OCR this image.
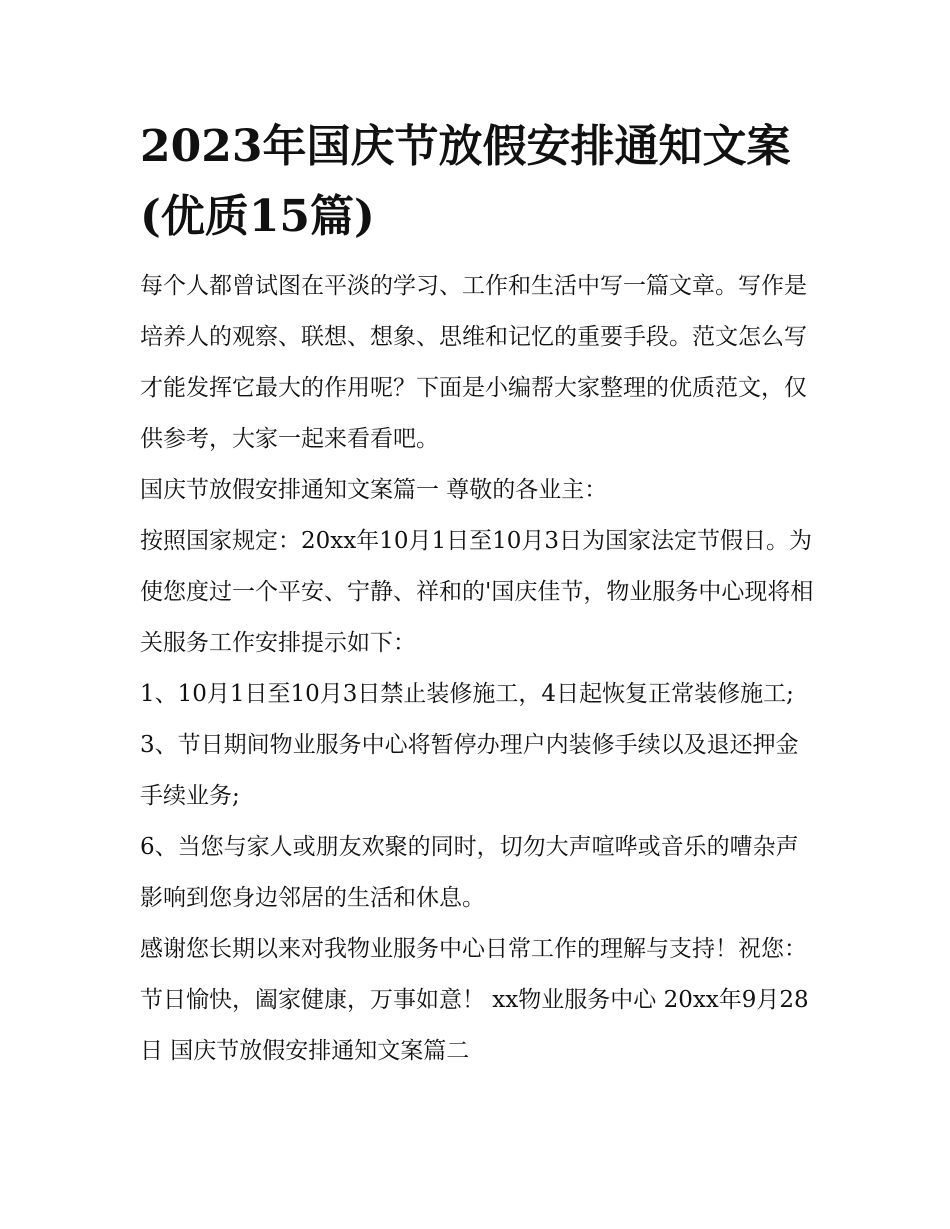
2023年国庆节放假安排通知文案(优质15篇)

每个人都曾试图在平淡的学习、工作和生活中写一篇文章。写作是培养人的观察、联想、想象、思维和记忆的重要手段。范文怎么写才能发挥它最大的作用呢？下面是小编帮大家整理的优质范文，仅供参考，大家一起来看看吧。

国庆节放假安排通知文案篇一 尊敬的各业主：

按照国家规定：20xx年10月1日至10月3日为国家法定节假日。为使您度过一个平安、宁静、祥和的'国庆佳节，物业服务中心现将相关服务工作安排提示如下：

1、10月1日至10月3日禁止装修施工，4日起恢复正常装修施工; 3、节日期间物业服务中心将暂停办理户内装修手续以及退还押金手续业务;

6、当您与家人或朋友欢聚的同时，切勿大声喧哗或音乐的嘈杂声影响到您身边邻居的生活和休息。

感谢您长期以来对我物业服务中心日常工作的理解与支持！祝您：节日愉快，阖家健康，万事如意！ xx物业服务中心 20xx年9月28日 国庆节放假安排通知文案篇二
